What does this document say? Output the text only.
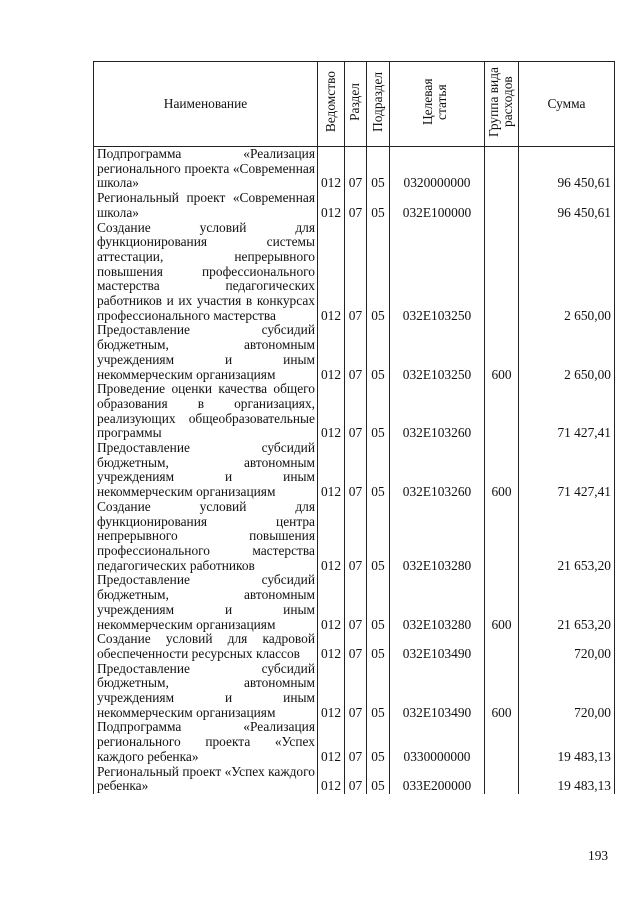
Наименование	Ведомство	Раздел	Подраздел	Целевая статья	Группа вида расходов	Сумма
Подпрограмма «Реализация регионального проекта «Современная школа»	012	07	05	0320000000		96 450,61
Региональный проект «Современная школа»	012	07	05	032E100000		96 450,61
Создание условий для функционирования системы аттестации, непрерывного повышения профессионального мастерства педагогических работников и их участия в конкурсах профессионального мастерства	012	07	05	032E103250		2 650,00
Предоставление субсидий бюджетным, автономным учреждениям и иным некоммерческим организациям	012	07	05	032E103250	600	2 650,00
Проведение оценки качества общего образования в организациях, реализующих общеобразовательные программы	012	07	05	032E103260		71 427,41
Предоставление субсидий бюджетным, автономным учреждениям и иным некоммерческим организациям	012	07	05	032E103260	600	71 427,41
Создание условий для функционирования центра непрерывного повышения профессионального мастерства педагогических работников	012	07	05	032E103280		21 653,20
Предоставление субсидий бюджетным, автономным учреждениям и иным некоммерческим организациям	012	07	05	032E103280	600	21 653,20
Создание условий для кадровой обеспеченности ресурсных классов	012	07	05	032E103490		720,00
Предоставление субсидий бюджетным, автономным учреждениям и иным некоммерческим организациям	012	07	05	032E103490	600	720,00
Подпрограмма «Реализация регионального проекта «Успех каждого ребенка»	012	07	05	0330000000		19 483,13
Региональный проект «Успех каждого ребенка»	012	07	05	033E200000		19 483,13
193
